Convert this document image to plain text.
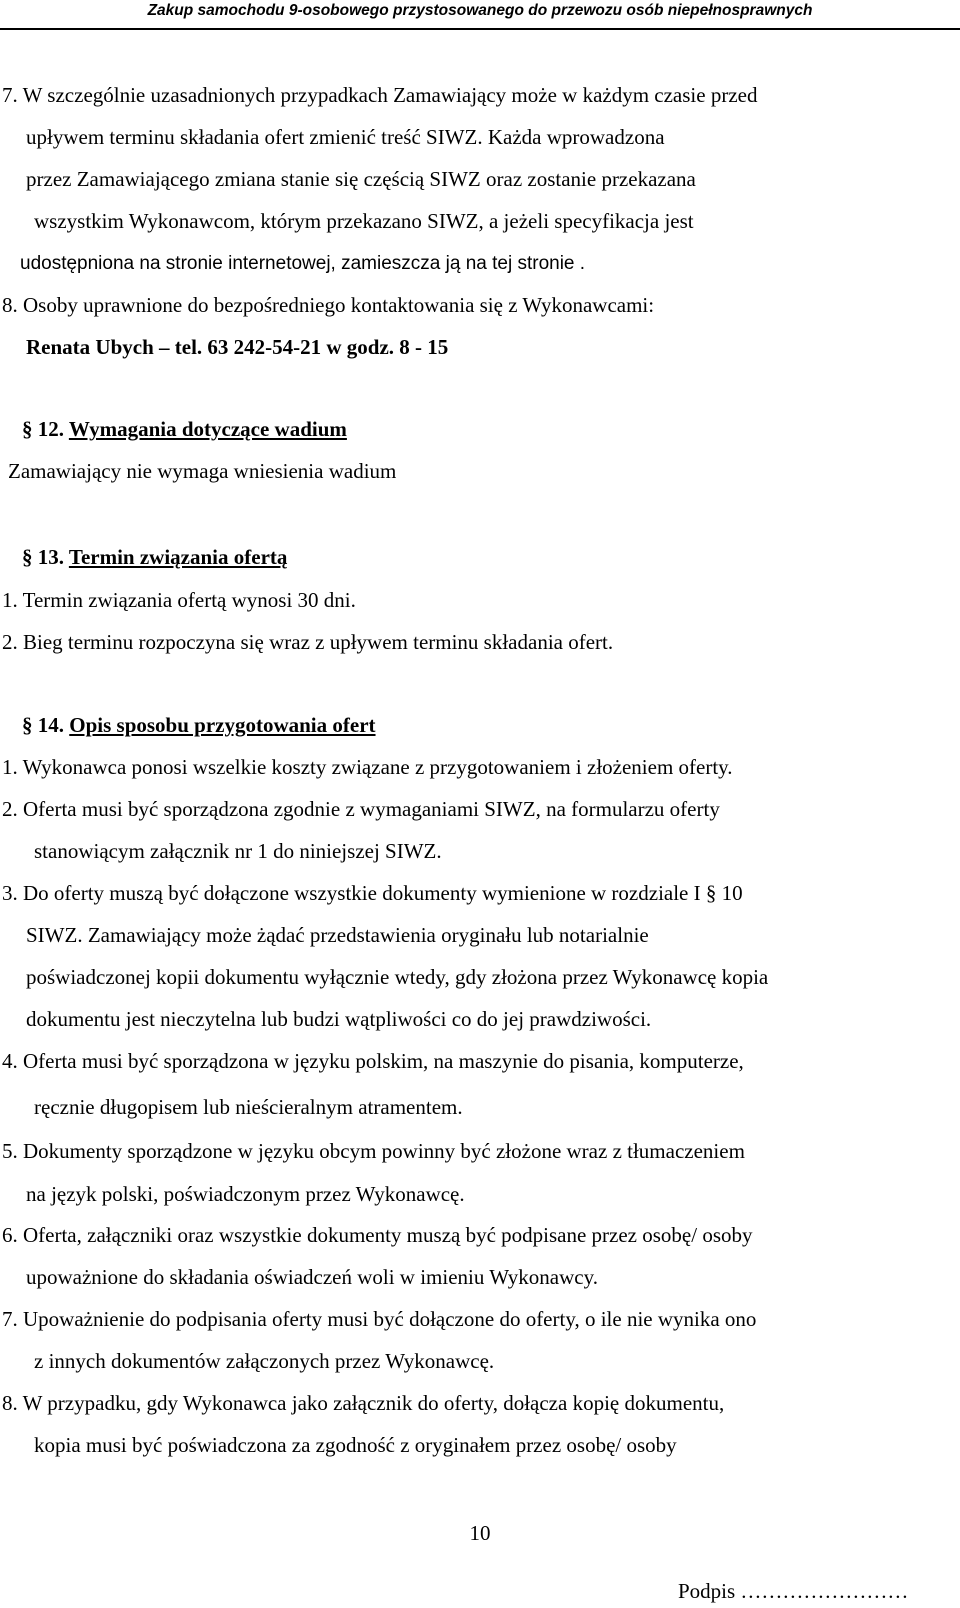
Zakup samochodu 9-osobowego przystosowanego do przewozu osób niepełnosprawnych
7. W szczególnie uzasadnionych przypadkach Zamawiający może w każdym czasie przed
upływem terminu składania ofert zmienić treść SIWZ. Każda wprowadzona
przez Zamawiającego zmiana stanie się częścią SIWZ oraz zostanie przekazana
wszystkim Wykonawcom, którym przekazano SIWZ, a jeżeli specyfikacja jest
udostępniona na stronie internetowej, zamieszcza ją na tej stronie .
8. Osoby uprawnione do bezpośredniego kontaktowania się z Wykonawcami:
Renata Ubych – tel. 63 242-54-21 w godz. 8 - 15
§ 12. Wymagania dotyczące wadium
Zamawiający nie wymaga wniesienia wadium
§ 13. Termin związania ofertą
1. Termin związania ofertą wynosi 30 dni.
2. Bieg terminu rozpoczyna się wraz z upływem terminu składania ofert.
§ 14. Opis sposobu przygotowania ofert
1. Wykonawca ponosi wszelkie koszty związane z przygotowaniem i złożeniem oferty.
2. Oferta musi być sporządzona zgodnie z wymaganiami SIWZ, na formularzu oferty
stanowiącym załącznik nr 1 do niniejszej SIWZ.
3. Do oferty muszą być dołączone wszystkie dokumenty wymienione w rozdziale I § 10
SIWZ. Zamawiający może żądać przedstawienia oryginału lub notarialnie
poświadczonej kopii dokumentu wyłącznie wtedy, gdy złożona przez Wykonawcę kopia
dokumentu jest nieczytelna lub budzi wątpliwości co do jej prawdziwości.
4. Oferta musi być sporządzona w języku polskim, na maszynie do pisania, komputerze,
ręcznie długopisem lub nieścieralnym atramentem.
5. Dokumenty sporządzone w języku obcym powinny być złożone wraz z tłumaczeniem
na język polski, poświadczonym przez Wykonawcę.
6. Oferta, załączniki oraz wszystkie dokumenty muszą być podpisane przez osobę/ osoby
upoważnione do składania oświadczeń woli w imieniu Wykonawcy.
7. Upoważnienie do podpisania oferty musi być dołączone do oferty, o ile nie wynika ono
z innych dokumentów załączonych przez Wykonawcę.
8. W przypadku, gdy Wykonawca jako załącznik do oferty, dołącza kopię dokumentu,
kopia musi być poświadczona za zgodność z oryginałem przez osobę/ osoby
10
Podpis ……………………
